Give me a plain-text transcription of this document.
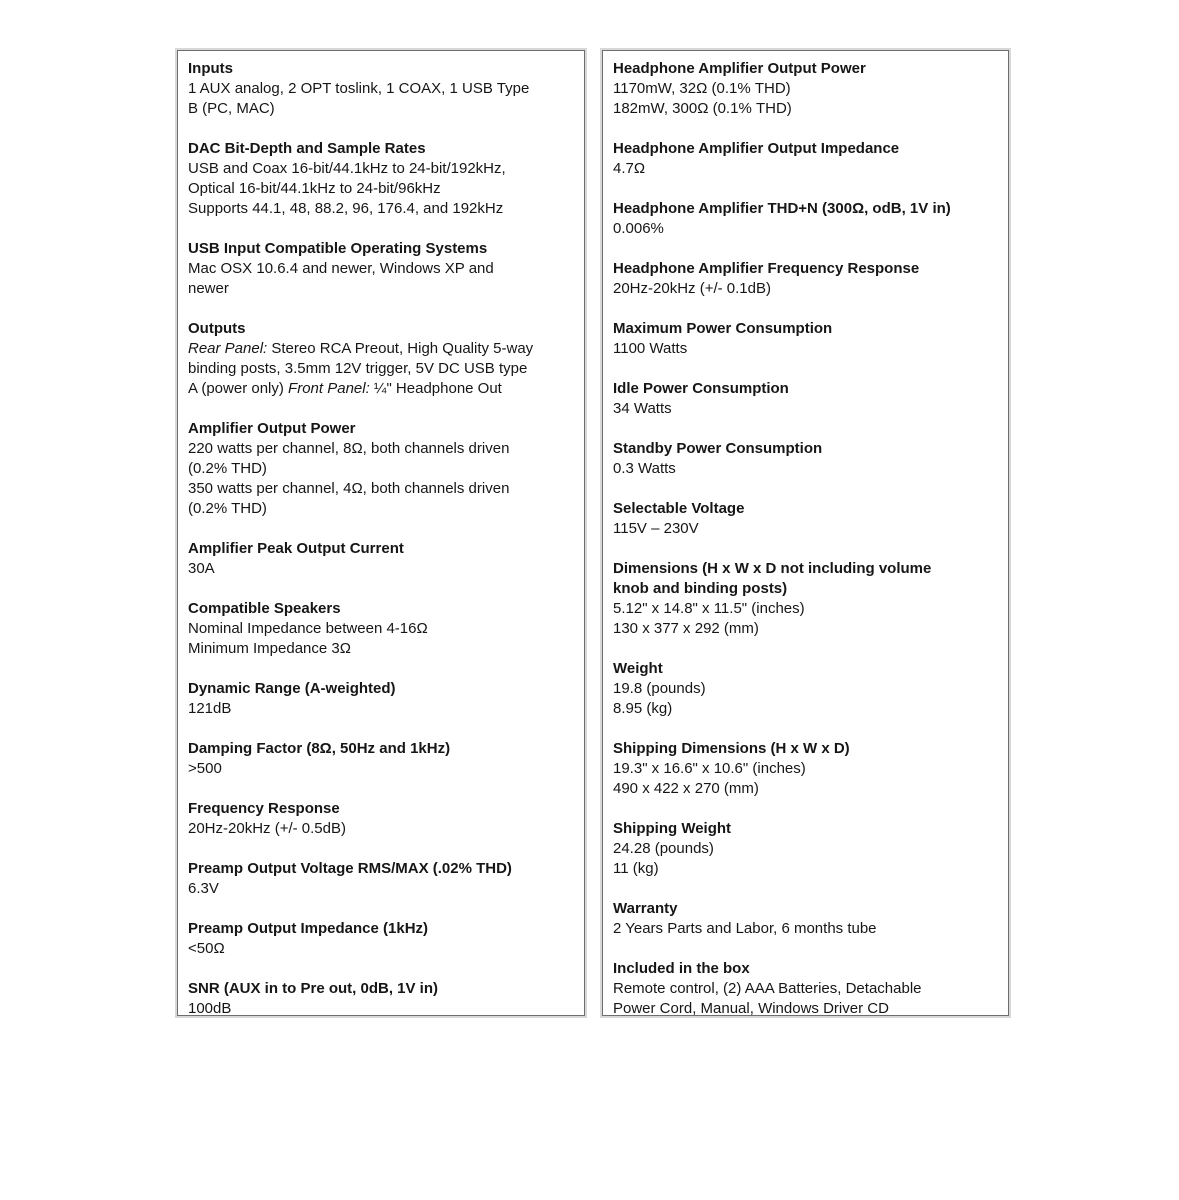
Inputs
1 AUX analog, 2 OPT toslink, 1 COAX, 1 USB Type
B (PC, MAC)
DAC Bit-Depth and Sample Rates
USB and Coax 16-bit/44.1kHz to 24-bit/192kHz,
Optical 16-bit/44.1kHz to 24-bit/96kHz
Supports 44.1, 48, 88.2, 96, 176.4, and 192kHz
USB Input Compatible Operating Systems
Mac OSX 10.6.4 and newer, Windows XP and
newer
Outputs
Rear Panel: Stereo RCA Preout, High Quality 5-way
binding posts, 3.5mm 12V trigger, 5V DC USB type
A (power only) Front Panel: ¼" Headphone Out
Amplifier Output Power
220 watts per channel, 8Ω, both channels driven
(0.2% THD)
350 watts per channel, 4Ω, both channels driven
(0.2% THD)
Amplifier Peak Output Current
30A
Compatible Speakers
Nominal Impedance between 4-16Ω
Minimum Impedance 3Ω
Dynamic Range (A-weighted)
121dB
Damping Factor (8Ω, 50Hz and 1kHz)
>500
Frequency Response
20Hz-20kHz (+/- 0.5dB)
Preamp Output Voltage RMS/MAX (.02% THD)
6.3V
Preamp Output Impedance (1kHz)
<50Ω
SNR (AUX in to Pre out, 0dB, 1V in)
100dB
Headphone Amplifier Output Power
1170mW, 32Ω (0.1% THD)
182mW, 300Ω (0.1% THD)
Headphone Amplifier Output Impedance
4.7Ω
Headphone Amplifier THD+N (300Ω, odB, 1V in)
0.006%
Headphone Amplifier Frequency Response
20Hz-20kHz (+/- 0.1dB)
Maximum Power Consumption
1100 Watts
Idle Power Consumption
34 Watts
Standby Power Consumption
0.3 Watts
Selectable Voltage
115V – 230V
Dimensions (H x W x D not including volume
knob and binding posts)
5.12" x 14.8" x 11.5" (inches)
130 x 377 x 292 (mm)
Weight
19.8 (pounds)
8.95 (kg)
Shipping Dimensions (H x W x D)
19.3" x 16.6" x 10.6" (inches)
490 x 422 x 270 (mm)
Shipping Weight
24.28 (pounds)
11 (kg)
Warranty
2 Years Parts and Labor, 6 months tube
Included in the box
Remote control, (2) AAA Batteries, Detachable
Power Cord, Manual, Windows Driver CD
